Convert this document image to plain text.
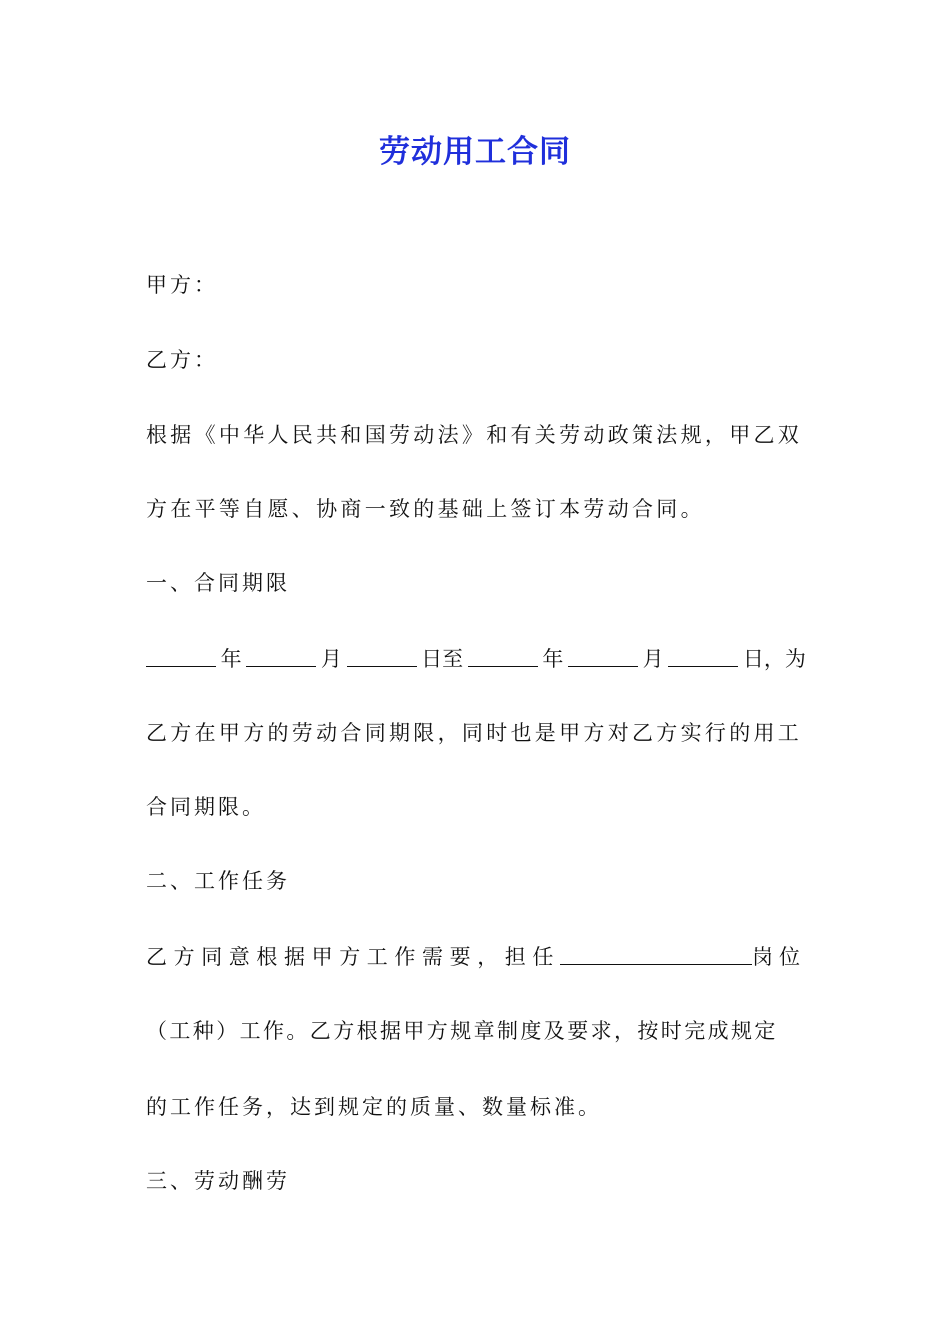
劳动用工合同
甲方：
乙方：
根据《中华人民共和国劳动法》和有关劳动政策法规，甲乙双
方在平等自愿、协商一致的基础上签订本劳动合同。
一、合同期限
年	月	日至	年	月	日，为
乙方在甲方的劳动合同期限，同时也是甲方对乙方实行的用工
合同期限。
二、工作任务
乙方同意根据甲方工作需要，担任	岗位
（工种）工作。乙方根据甲方规章制度及要求，按时完成规定
的工作任务，达到规定的质量、数量标准。
三、劳动酬劳
